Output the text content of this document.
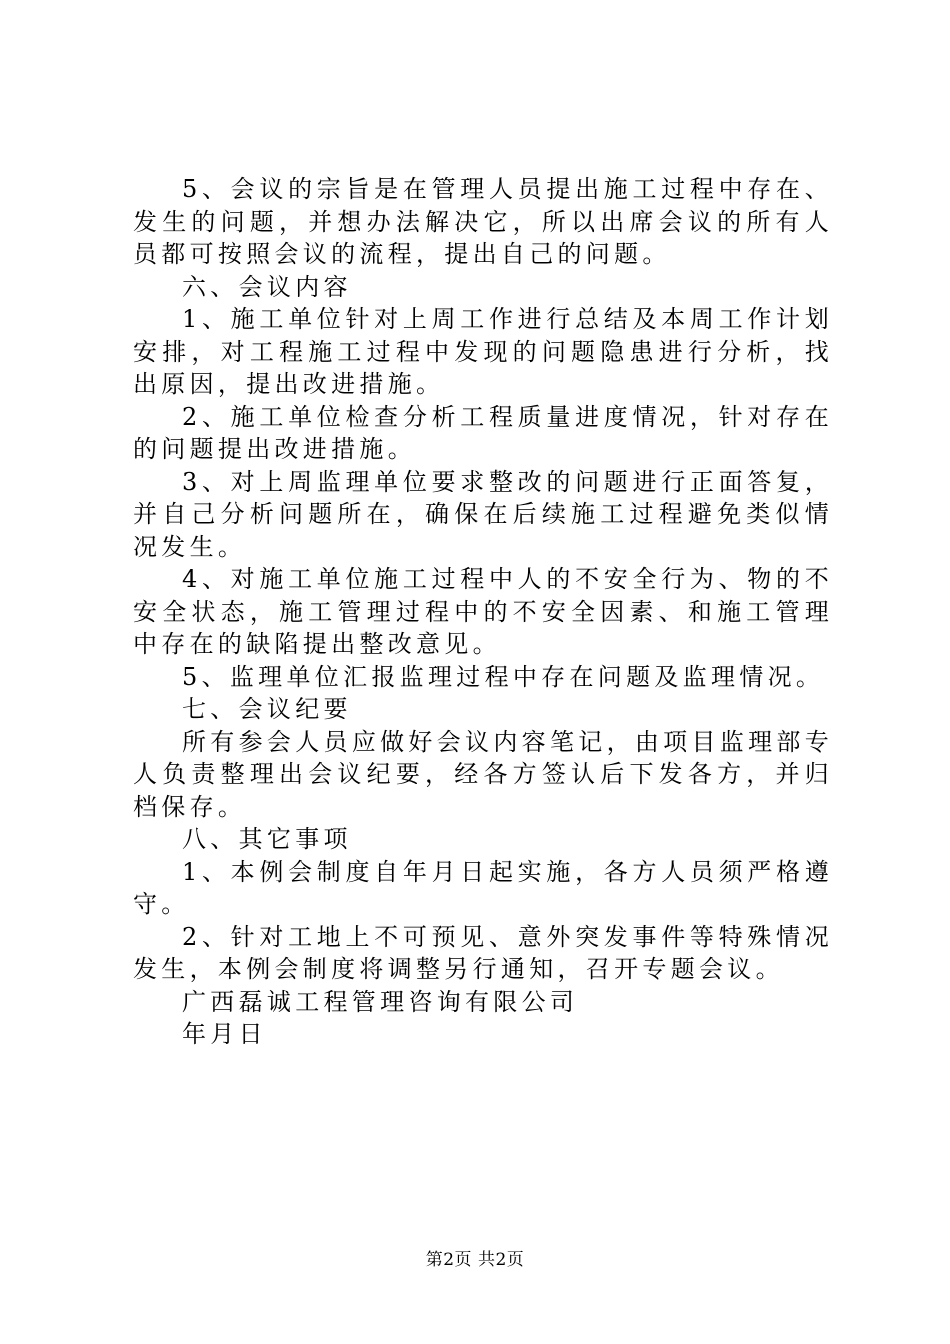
5、会议的宗旨是在管理人员提出施工过程中存在、发生的问题，并想办法解决它，所以出席会议的所有人员都可按照会议的流程，提出自己的问题。

六、会议内容

1、施工单位针对上周工作进行总结及本周工作计划安排，对工程施工过程中发现的问题隐患进行分析，找出原因，提出改进措施。

2、施工单位检查分析工程质量进度情况，针对存在的问题提出改进措施。

3、对上周监理单位要求整改的问题进行正面答复，并自己分析问题所在，确保在后续施工过程避免类似情况发生。

4、对施工单位施工过程中人的不安全行为、物的不安全状态，施工管理过程中的不安全因素、和施工管理中存在的缺陷提出整改意见。

5、监理单位汇报监理过程中存在问题及监理情况。

七、会议纪要

所有参会人员应做好会议内容笔记，由项目监理部专人负责整理出会议纪要，经各方签认后下发各方，并归档保存。

八、其它事项

1、本例会制度自年月日起实施，各方人员须严格遵守。

2、针对工地上不可预见、意外突发事件等特殊情况发生，本例会制度将调整另行通知，召开专题会议。

广西磊诚工程管理咨询有限公司

年月日

第2页 共2页
